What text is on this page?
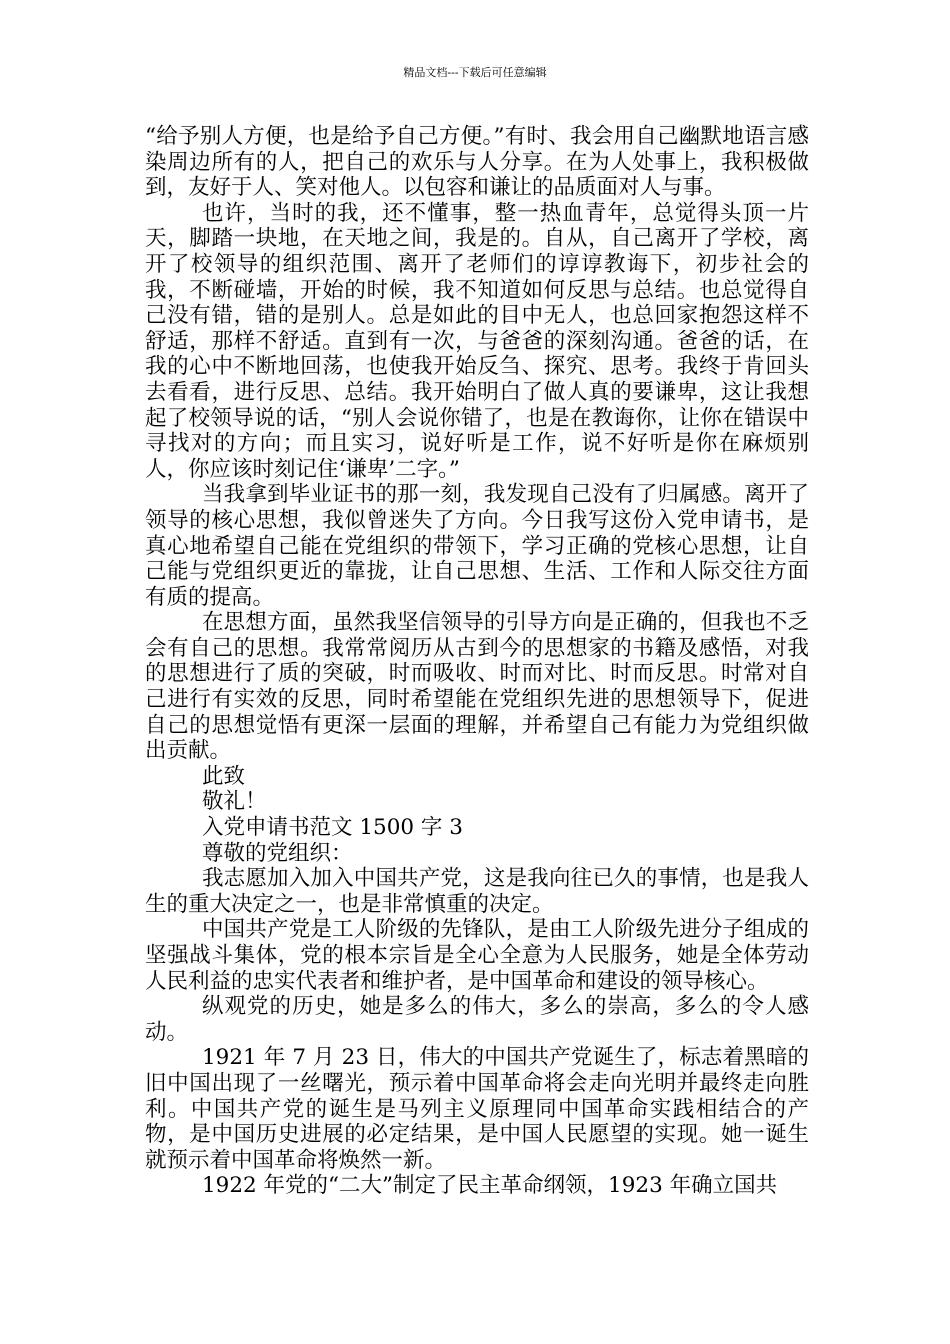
精品文档---下载后可任意编辑

“给予别人方便，也是给予自己方便。”有时、我会用自己幽默地语言感染周边所有的人，把自己的欢乐与人分享。在为人处事上，我积极做到，友好于人、笑对他人。以包容和谦让的品质面对人与事。

也许，当时的我，还不懂事，整一热血青年，总觉得头顶一片天，脚踏一块地，在天地之间，我是的。自从，自己离开了学校，离开了校领导的组织范围、离开了老师们的谆谆教诲下，初步社会的我，不断碰墙，开始的时候，我不知道如何反思与总结。也总觉得自己没有错，错的是别人。总是如此的目中无人，也总回家抱怨这样不舒适，那样不舒适。直到有一次，与爸爸的深刻沟通。爸爸的话，在我的心中不断地回荡，也使我开始反刍、探究、思考。我终于肯回头去看看，进行反思、总结。我开始明白了做人真的要谦卑，这让我想起了校领导说的话，“别人会说你错了，也是在教诲你，让你在错误中寻找对的方向；而且实习，说好听是工作，说不好听是你在麻烦别人，你应该时刻记住‘谦卑’二字。”

当我拿到毕业证书的那一刻，我发现自己没有了归属感。离开了领导的核心思想，我似曾迷失了方向。今日我写这份入党申请书，是真心地希望自己能在党组织的带领下，学习正确的党核心思想，让自己能与党组织更近的靠拢，让自己思想、生活、工作和人际交往方面有质的提高。

在思想方面，虽然我坚信领导的引导方向是正确的，但我也不乏会有自己的思想。我常常阅历从古到今的思想家的书籍及感悟，对我的思想进行了质的突破，时而吸收、时而对比、时而反思。时常对自己进行有实效的反思，同时希望能在党组织先进的思想领导下，促进自己的思想觉悟有更深一层面的理解，并希望自己有能力为党组织做出贡献。

此致

敬礼！

入党申请书范文 1500 字 3

尊敬的党组织：

我志愿加入加入中国共产党，这是我向往已久的事情，也是我人生的重大决定之一，也是非常慎重的决定。

中国共产党是工人阶级的先锋队，是由工人阶级先进分子组成的坚强战斗集体，党的根本宗旨是全心全意为人民服务，她是全体劳动人民利益的忠实代表者和维护者，是中国革命和建设的领导核心。

纵观党的历史，她是多么的伟大，多么的崇高，多么的令人感动。

1921 年 7 月 23 日，伟大的中国共产党诞生了，标志着黑暗的旧中国出现了一丝曙光，预示着中国革命将会走向光明并最终走向胜利。中国共产党的诞生是马列主义原理同中国革命实践相结合的产物，是中国历史进展的必定结果，是中国人民愿望的实现。她一诞生就预示着中国革命将焕然一新。

1922 年党的“二大”制定了民主革命纲领，1923 年确立国共
